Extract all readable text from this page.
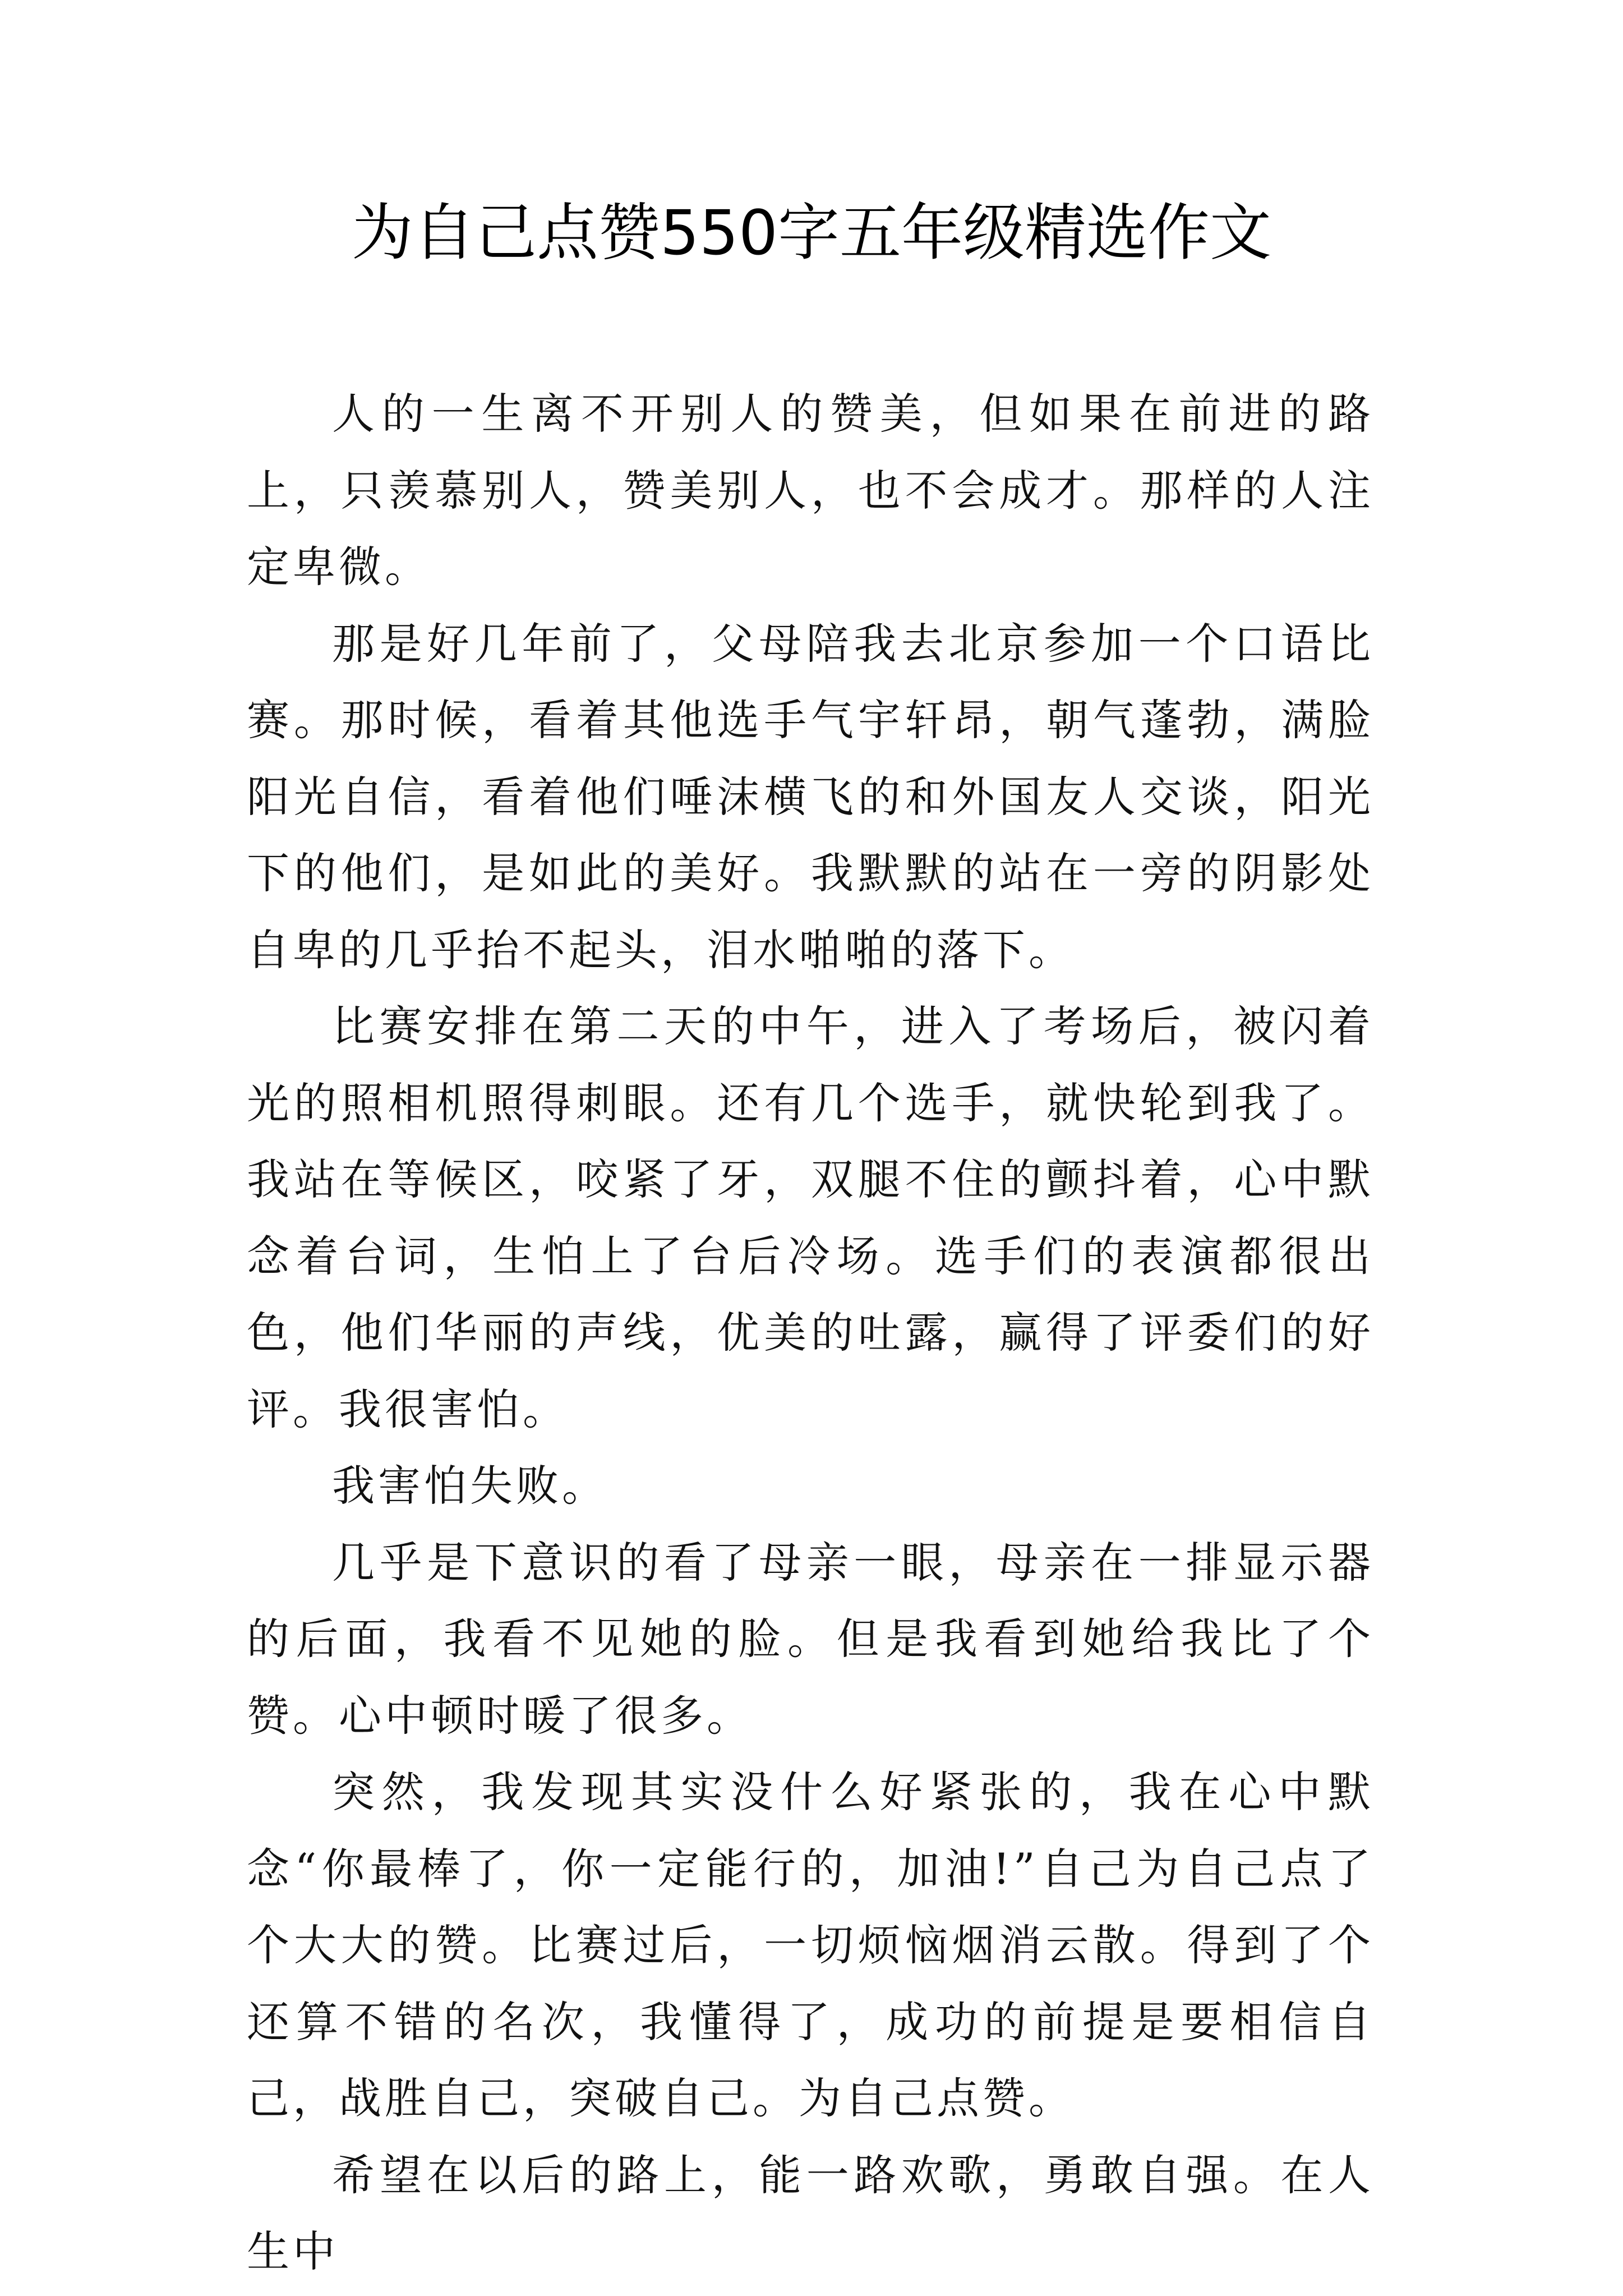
为自己点赞550字五年级精选作文

人的一生离不开别人的赞美，但如果在前进的路上，只羡慕别人，赞美别人，也不会成才。那样的人注定卑微。

那是好几年前了，父母陪我去北京参加一个口语比赛。那时候，看着其他选手气宇轩昂，朝气蓬勃，满脸阳光自信，看着他们唾沫横飞的和外国友人交谈，阳光下的他们，是如此的美好。我默默的站在一旁的阴影处自卑的几乎抬不起头，泪水啪啪的落下。

比赛安排在第二天的中午，进入了考场后，被闪着光的照相机照得刺眼。还有几个选手，就快轮到我了。我站在等候区，咬紧了牙，双腿不住的颤抖着，心中默念着台词，生怕上了台后冷场。选手们的表演都很出色，他们华丽的声线，优美的吐露，赢得了评委们的好评。我很害怕。

我害怕失败。

几乎是下意识的看了母亲一眼，母亲在一排显示器的后面，我看不见她的脸。但是我看到她给我比了个赞。心中顿时暖了很多。

突然，我发现其实没什么好紧张的，我在心中默念“你最棒了，你一定能行的，加油!”自己为自己点了个大大的赞。比赛过后，一切烦恼烟消云散。得到了个还算不错的名次，我懂得了，成功的前提是要相信自己，战胜自己，突破自己。为自己点赞。

希望在以后的路上，能一路欢歌，勇敢自强。在人生中
